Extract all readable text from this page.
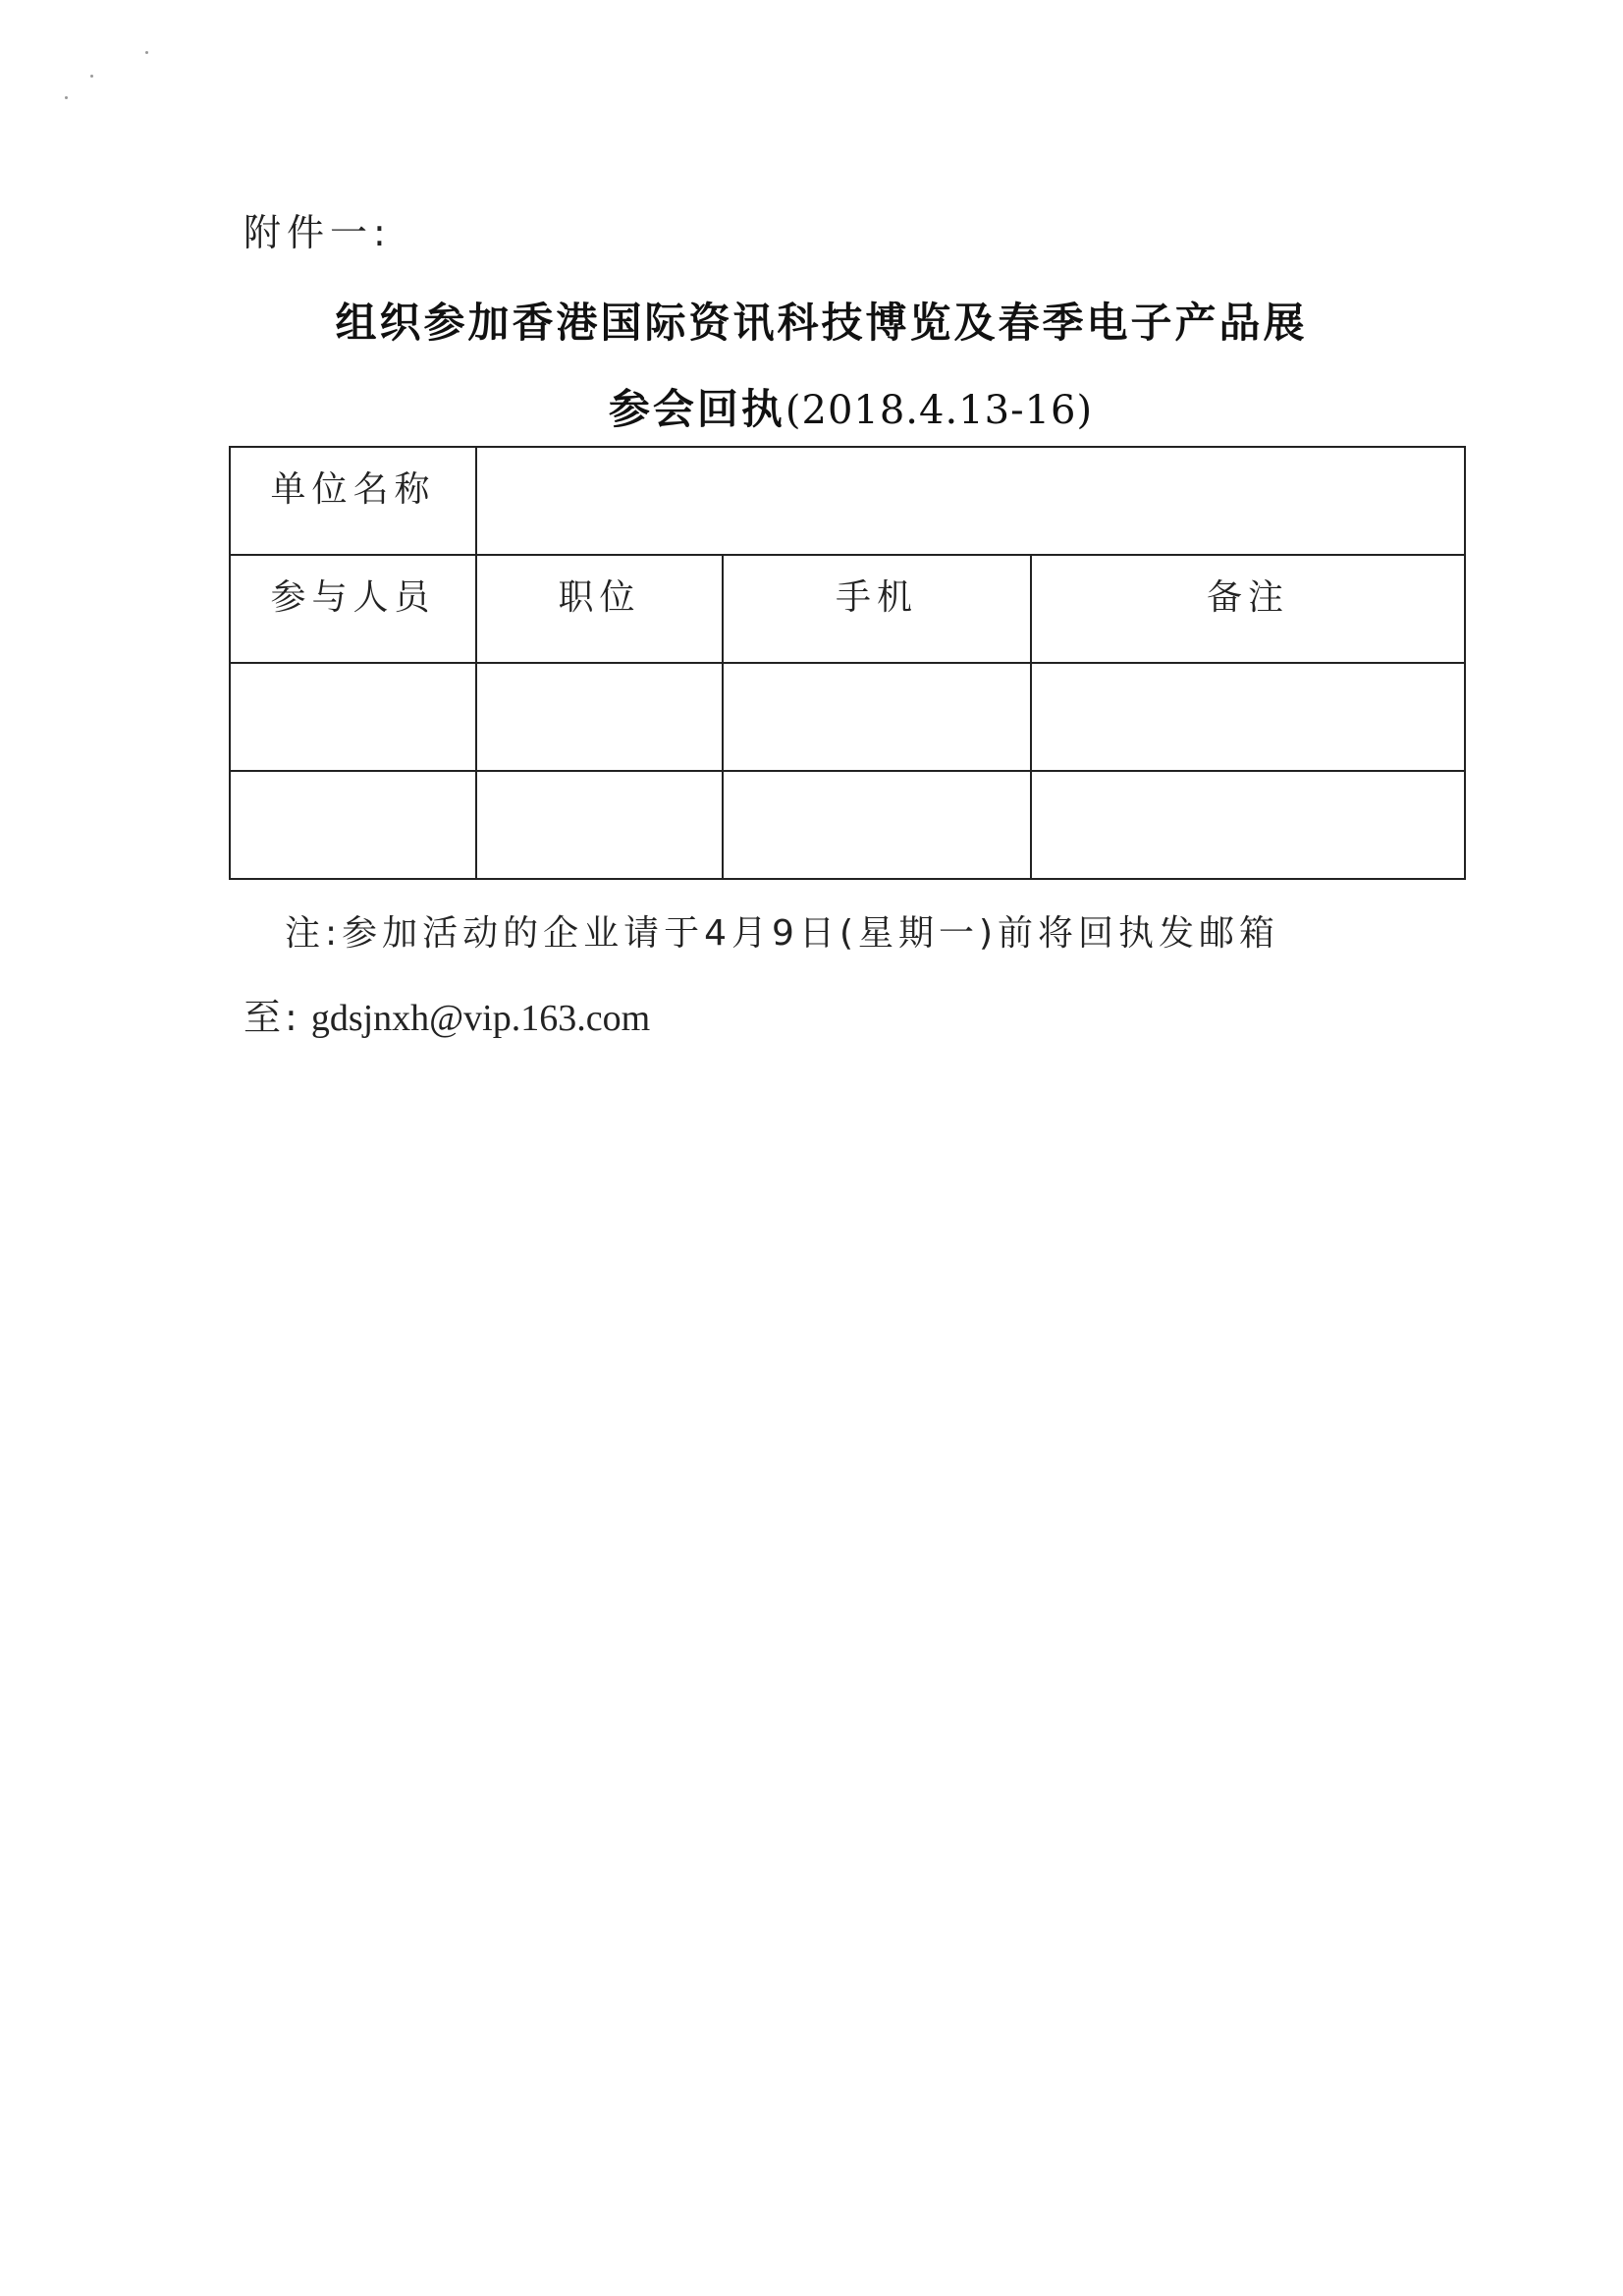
附件一:
组织参加香港国际资讯科技博览及春季电子产品展
参会回执(2018.4.13-16)
单位名称			

参与人员	职位	手机	备注

注:参加活动的企业请于4月9日(星期一)前将回执发邮箱
至: gdsjnxh@vip.163.com
